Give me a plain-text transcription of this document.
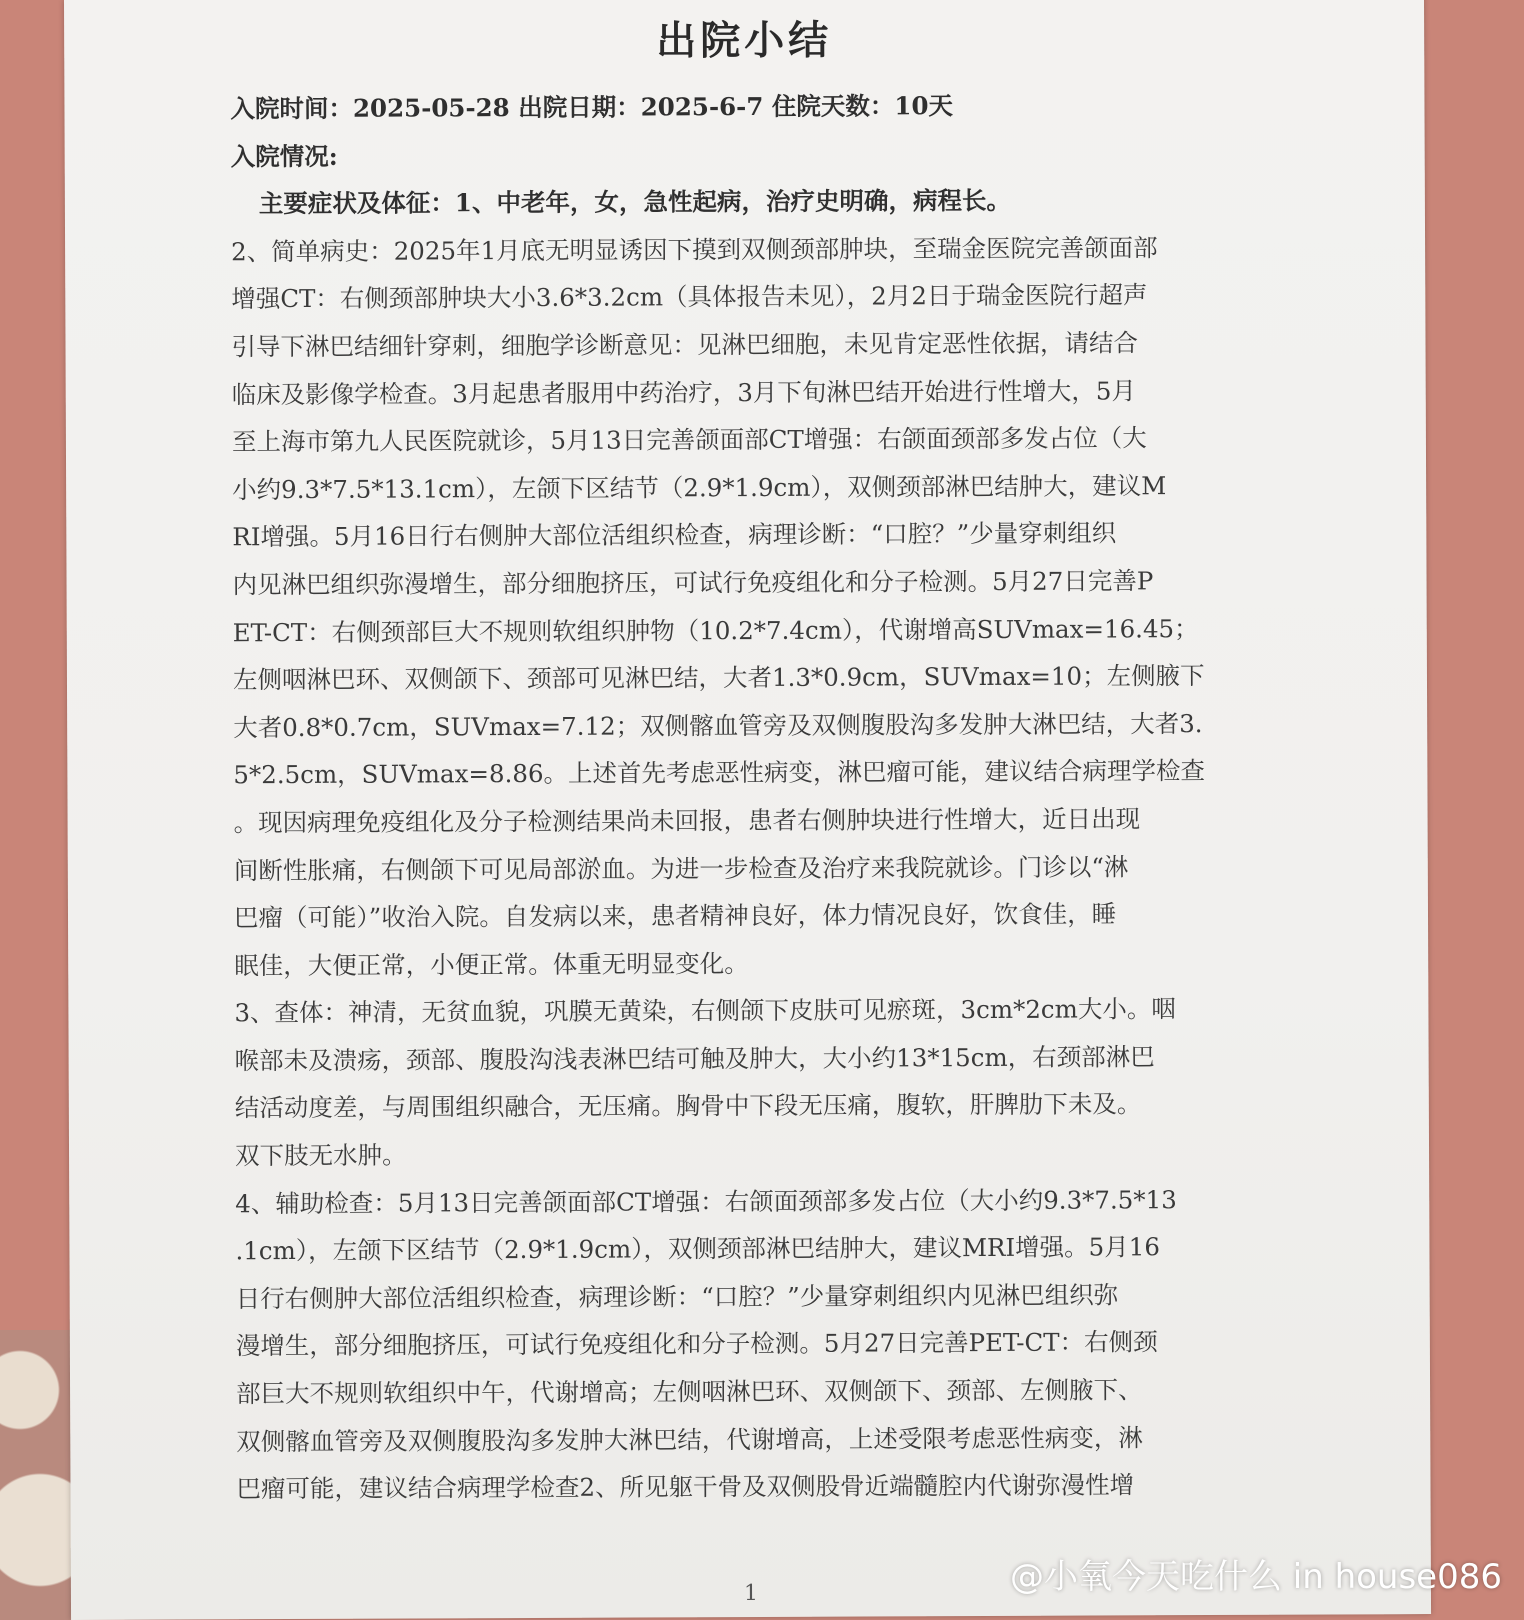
出院小结
入院时间：2025-05-28 出院日期：2025-6-7 住院天数：10天
入院情况:
主要症状及体征：1、中老年，女，急性起病，治疗史明确，病程长。
2、简单病史：2025年1月底无明显诱因下摸到双侧颈部肿块，至瑞金医院完善颌面部
增强CT：右侧颈部肿块大小3.6*3.2cm（具体报告未见），2月2日于瑞金医院行超声
引导下淋巴结细针穿刺，细胞学诊断意见：见淋巴细胞，未见肯定恶性依据，请结合
临床及影像学检查。3月起患者服用中药治疗，3月下旬淋巴结开始进行性增大，5月
至上海市第九人民医院就诊，5月13日完善颌面部CT增强：右颌面颈部多发占位（大
小约9.3*7.5*13.1cm），左颌下区结节（2.9*1.9cm），双侧颈部淋巴结肿大，建议M
RI增强。5月16日行右侧肿大部位活组织检查，病理诊断：“口腔？”少量穿刺组织
内见淋巴组织弥漫增生，部分细胞挤压，可试行免疫组化和分子检测。5月27日完善P
ET-CT：右侧颈部巨大不规则软组织肿物（10.2*7.4cm），代谢增高SUVmax=16.45；
左侧咽淋巴环、双侧颌下、颈部可见淋巴结，大者1.3*0.9cm，SUVmax=10；左侧腋下
大者0.8*0.7cm，SUVmax=7.12；双侧髂血管旁及双侧腹股沟多发肿大淋巴结，大者3.
5*2.5cm，SUVmax=8.86。上述首先考虑恶性病变，淋巴瘤可能，建议结合病理学检查
。现因病理免疫组化及分子检测结果尚未回报，患者右侧肿块进行性增大，近日出现
间断性胀痛，右侧颌下可见局部淤血。为进一步检查及治疗来我院就诊。门诊以“淋
巴瘤（可能）”收治入院。自发病以来，患者精神良好，体力情况良好，饮食佳，睡
眠佳，大便正常，小便正常。体重无明显变化。
3、查体：神清，无贫血貌，巩膜无黄染，右侧颌下皮肤可见瘀斑，3cm*2cm大小。咽
喉部未及溃疡，颈部、腹股沟浅表淋巴结可触及肿大，大小约13*15cm，右颈部淋巴
结活动度差，与周围组织融合，无压痛。胸骨中下段无压痛，腹软，肝脾肋下未及。
双下肢无水肿。
4、辅助检查：5月13日完善颌面部CT增强：右颌面颈部多发占位（大小约9.3*7.5*13
.1cm），左颌下区结节（2.9*1.9cm），双侧颈部淋巴结肿大，建议MRI增强。5月16
日行右侧肿大部位活组织检查，病理诊断：“口腔？”少量穿刺组织内见淋巴组织弥
漫增生，部分细胞挤压，可试行免疫组化和分子检测。5月27日完善PET-CT：右侧颈
部巨大不规则软组织中午，代谢增高；左侧咽淋巴环、双侧颌下、颈部、左侧腋下、
双侧髂血管旁及双侧腹股沟多发肿大淋巴结，代谢增高，上述受限考虑恶性病变，淋
巴瘤可能，建议结合病理学检查2、所见躯干骨及双侧股骨近端髓腔内代谢弥漫性增
1	@小氧今天吃什么 in house086
